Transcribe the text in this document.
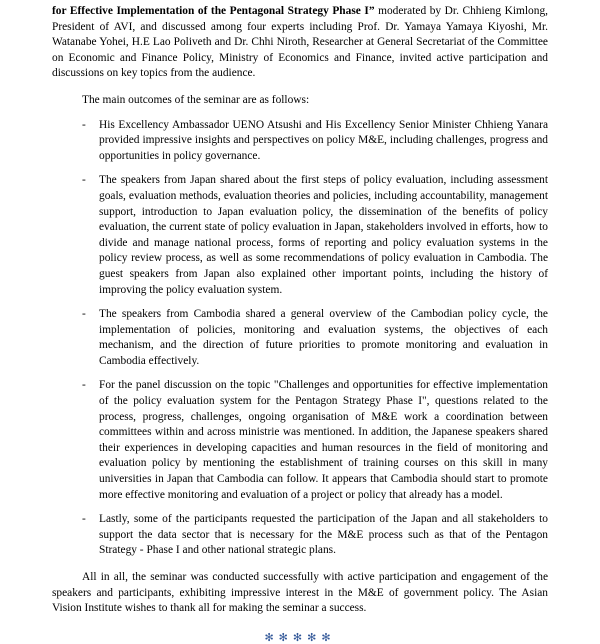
for Effective Implementation of the Pentagonal Strategy Phase I” moderated by Dr. Chhieng Kimlong, President of AVI, and discussed among four experts including Prof. Dr. Yamaya Yamaya Kiyoshi, Mr. Watanabe Yohei, H.E Lao Poliveth and Dr. Chhi Niroth, Researcher at General Secretariat of the Committee on Economic and Finance Policy, Ministry of Economics and Finance, invited active participation and discussions on key topics from the audience.

The main outcomes of the seminar are as follows:

-	His Excellency Ambassador UENO Atsushi and His Excellency Senior Minister Chhieng Yanara provided impressive insights and perspectives on policy M&E, including challenges, progress and opportunities in policy governance.
-	The speakers from Japan shared about the first steps of policy evaluation, including assessment goals, evaluation methods, evaluation theories and policies, including accountability, management support, introduction to Japan evaluation policy, the dissemination of the benefits of policy evaluation, the current state of policy evaluation in Japan, stakeholders involved in efforts, how to divide and manage national process, forms of reporting and policy evaluation systems in the policy review process, as well as some recommendations of policy evaluation in Cambodia. The guest speakers from Japan also explained other important points, including the history of improving the policy evaluation system.
-	The speakers from Cambodia shared a general overview of the Cambodian policy cycle, the implementation of policies, monitoring and evaluation systems, the objectives of each mechanism, and the direction of future priorities to promote monitoring and evaluation in Cambodia effectively.
-	For the panel discussion on the topic "Challenges and opportunities for effective implementation of the policy evaluation system for the Pentagon Strategy Phase I", questions related to the process, progress, challenges, ongoing organisation of M&E work a coordination between committees within and across ministrie was mentioned. In addition, the Japanese speakers shared their experiences in developing capacities and human resources in the field of monitoring and evaluation policy by mentioning the establishment of training courses on this skill in many universities in Japan that Cambodia can follow. It appears that Cambodia should start to promote more effective monitoring and evaluation of a project or policy that already has a model.
-	Lastly, some of the participants requested the participation of the Japan and all stakeholders to support the data sector that is necessary for the M&E process such as that of the Pentagon Strategy - Phase I and other national strategic plans.

All in all, the seminar was conducted successfully with active participation and engagement of the speakers and participants, exhibiting impressive interest in the M&E of government policy. The Asian Vision Institute wishes to thank all for making the seminar a success.

✻✻✻✻✻
